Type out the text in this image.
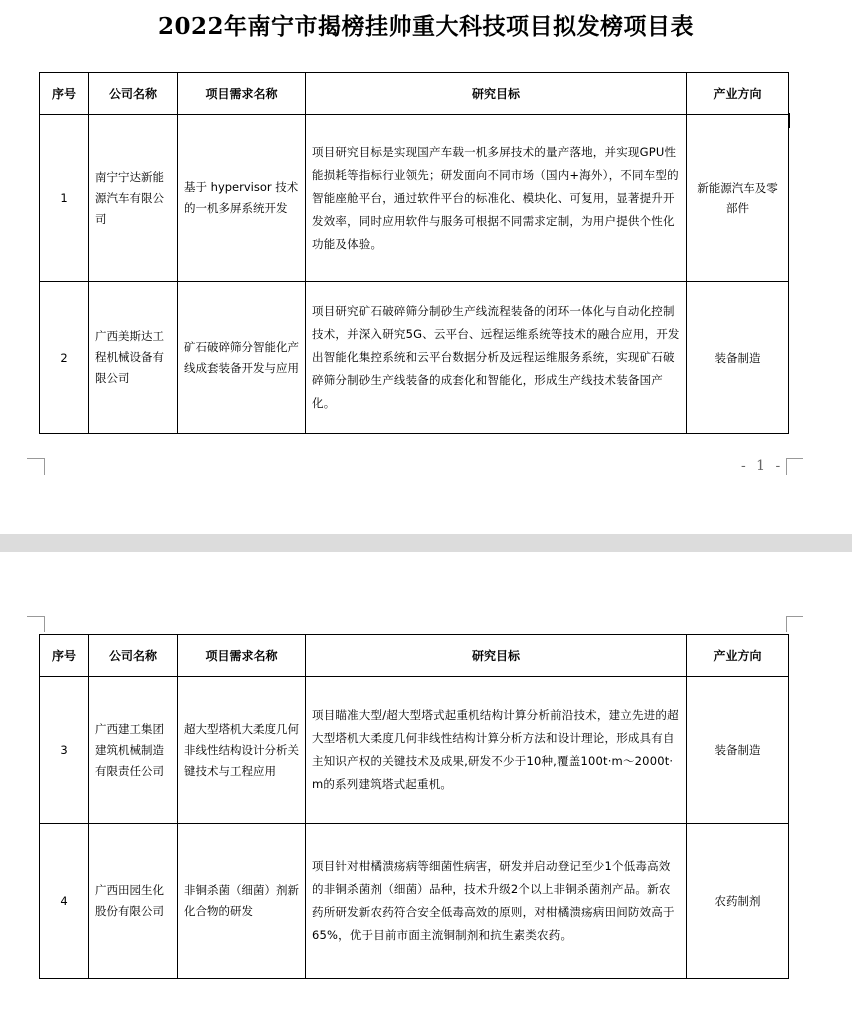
2022年南宁市揭榜挂帅重大科技项目拟发榜项目表
序号	公司名称	项目需求名称	研究目标	产业方向
1	南宁宁达新能源汽车有限公司	基于 hypervisor 技术的一机多屏系统开发	项目研究目标是实现国产车载一机多屏技术的量产落地，并实现GPU性能损耗等指标行业领先；研发面向不同市场（国内+海外），不同车型的智能座舱平台，通过软件平台的标准化、模块化、可复用，显著提升开发效率，同时应用软件与服务可根据不同需求定制，为用户提供个性化功能及体验。	新能源汽车及零部件
2	广西美斯达工程机械设备有限公司	矿石破碎筛分智能化产线成套装备开发与应用	项目研究矿石破碎筛分制砂生产线流程装备的闭环一体化与自动化控制技术，并深入研究5G、云平台、远程运维系统等技术的融合应用，开发出智能化集控系统和云平台数据分析及远程运维服务系统，实现矿石破碎筛分制砂生产线装备的成套化和智能化，形成生产线技术装备国产化。	装备制造
- 1 -
序号	公司名称	项目需求名称	研究目标	产业方向
3	广西建工集团建筑机械制造有限责任公司	超大型塔机大柔度几何非线性结构设计分析关键技术与工程应用	项目瞄准大型/超大型塔式起重机结构计算分析前沿技术，建立先进的超大型塔机大柔度几何非线性结构计算分析方法和设计理论，形成具有自主知识产权的关键技术及成果,研发不少于10种,覆盖100t·m～2000t·m的系列建筑塔式起重机。	装备制造
4	广西田园生化股份有限公司	非铜杀菌（细菌）剂新化合物的研发	项目针对柑橘溃疡病等细菌性病害，研发并启动登记至少1个低毒高效的非铜杀菌剂（细菌）品种，技术升级2个以上非铜杀菌剂产品。新农药所研发新农药符合安全低毒高效的原则，对柑橘溃疡病田间防效高于65%，优于目前市面主流铜制剂和抗生素类农药。	农药制剂
